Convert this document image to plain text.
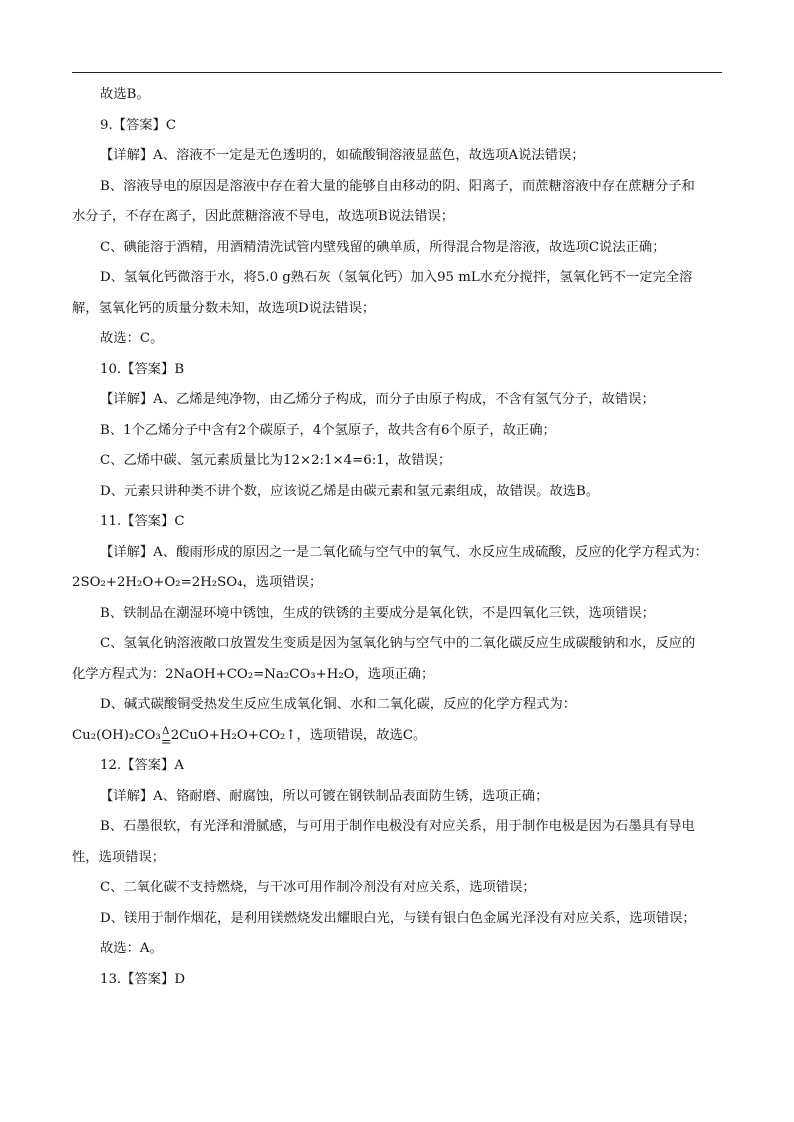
故选B。
9.【答案】C
【详解】A、溶液不一定是无色透明的，如硫酸铜溶液显蓝色，故选项A说法错误；
B、溶液导电的原因是溶液中存在着大量的能够自由移动的阴、阳离子，而蔗糖溶液中存在蔗糖分子和
水分子，不存在离子，因此蔗糖溶液不导电，故选项B说法错误；
C、碘能溶于酒精，用酒精清洗试管内壁残留的碘单质，所得混合物是溶液，故选项C说法正确；
D、氢氧化钙微溶于水，将5.0 g熟石灰（氢氧化钙）加入95 mL水充分搅拌，氢氧化钙不一定完全溶
解，氢氧化钙的质量分数未知，故选项D说法错误；
故选：C。
10.【答案】B
【详解】A、乙烯是纯净物，由乙烯分子构成，而分子由原子构成，不含有氢气分子，故错误；
B、1个乙烯分子中含有2个碳原子，4个氢原子，故共含有6个原子，故正确；
C、乙烯中碳、氢元素质量比为12×2:1×4=6:1，故错误；
D、元素只讲种类不讲个数，应该说乙烯是由碳元素和氢元素组成，故错误。故选B。
11.【答案】C
【详解】A、酸雨形成的原因之一是二氧化硫与空气中的氧气、水反应生成硫酸，反应的化学方程式为：
2SO₂+2H₂O+O₂=2H₂SO₄，选项错误；
B、铁制品在潮湿环境中锈蚀，生成的铁锈的主要成分是氧化铁，不是四氧化三铁，选项错误；
C、氢氧化钠溶液敞口放置发生变质是因为氢氧化钠与空气中的二氧化碳反应生成碳酸钠和水，反应的
化学方程式为：2NaOH+CO₂=Na₂CO₃+H₂O，选项正确；
D、碱式碳酸铜受热发生反应生成氧化铜、水和二氧化碳，反应的化学方程式为：
Cu₂(OH)₂CO₃ Δ
= 2CuO+H₂O+CO₂↑，选项错误，故选C。
12.【答案】A
【详解】A、铬耐磨、耐腐蚀，所以可镀在钢铁制品表面防生锈，选项正确；
B、石墨很软，有光泽和滑腻感，与可用于制作电极没有对应关系，用于制作电极是因为石墨具有导电
性，选项错误；
C、二氧化碳不支持燃烧，与干冰可用作制冷剂没有对应关系，选项错误；
D、镁用于制作烟花，是利用镁燃烧发出耀眼白光，与镁有银白色金属光泽没有对应关系，选项错误；
故选：A。
13.【答案】D
